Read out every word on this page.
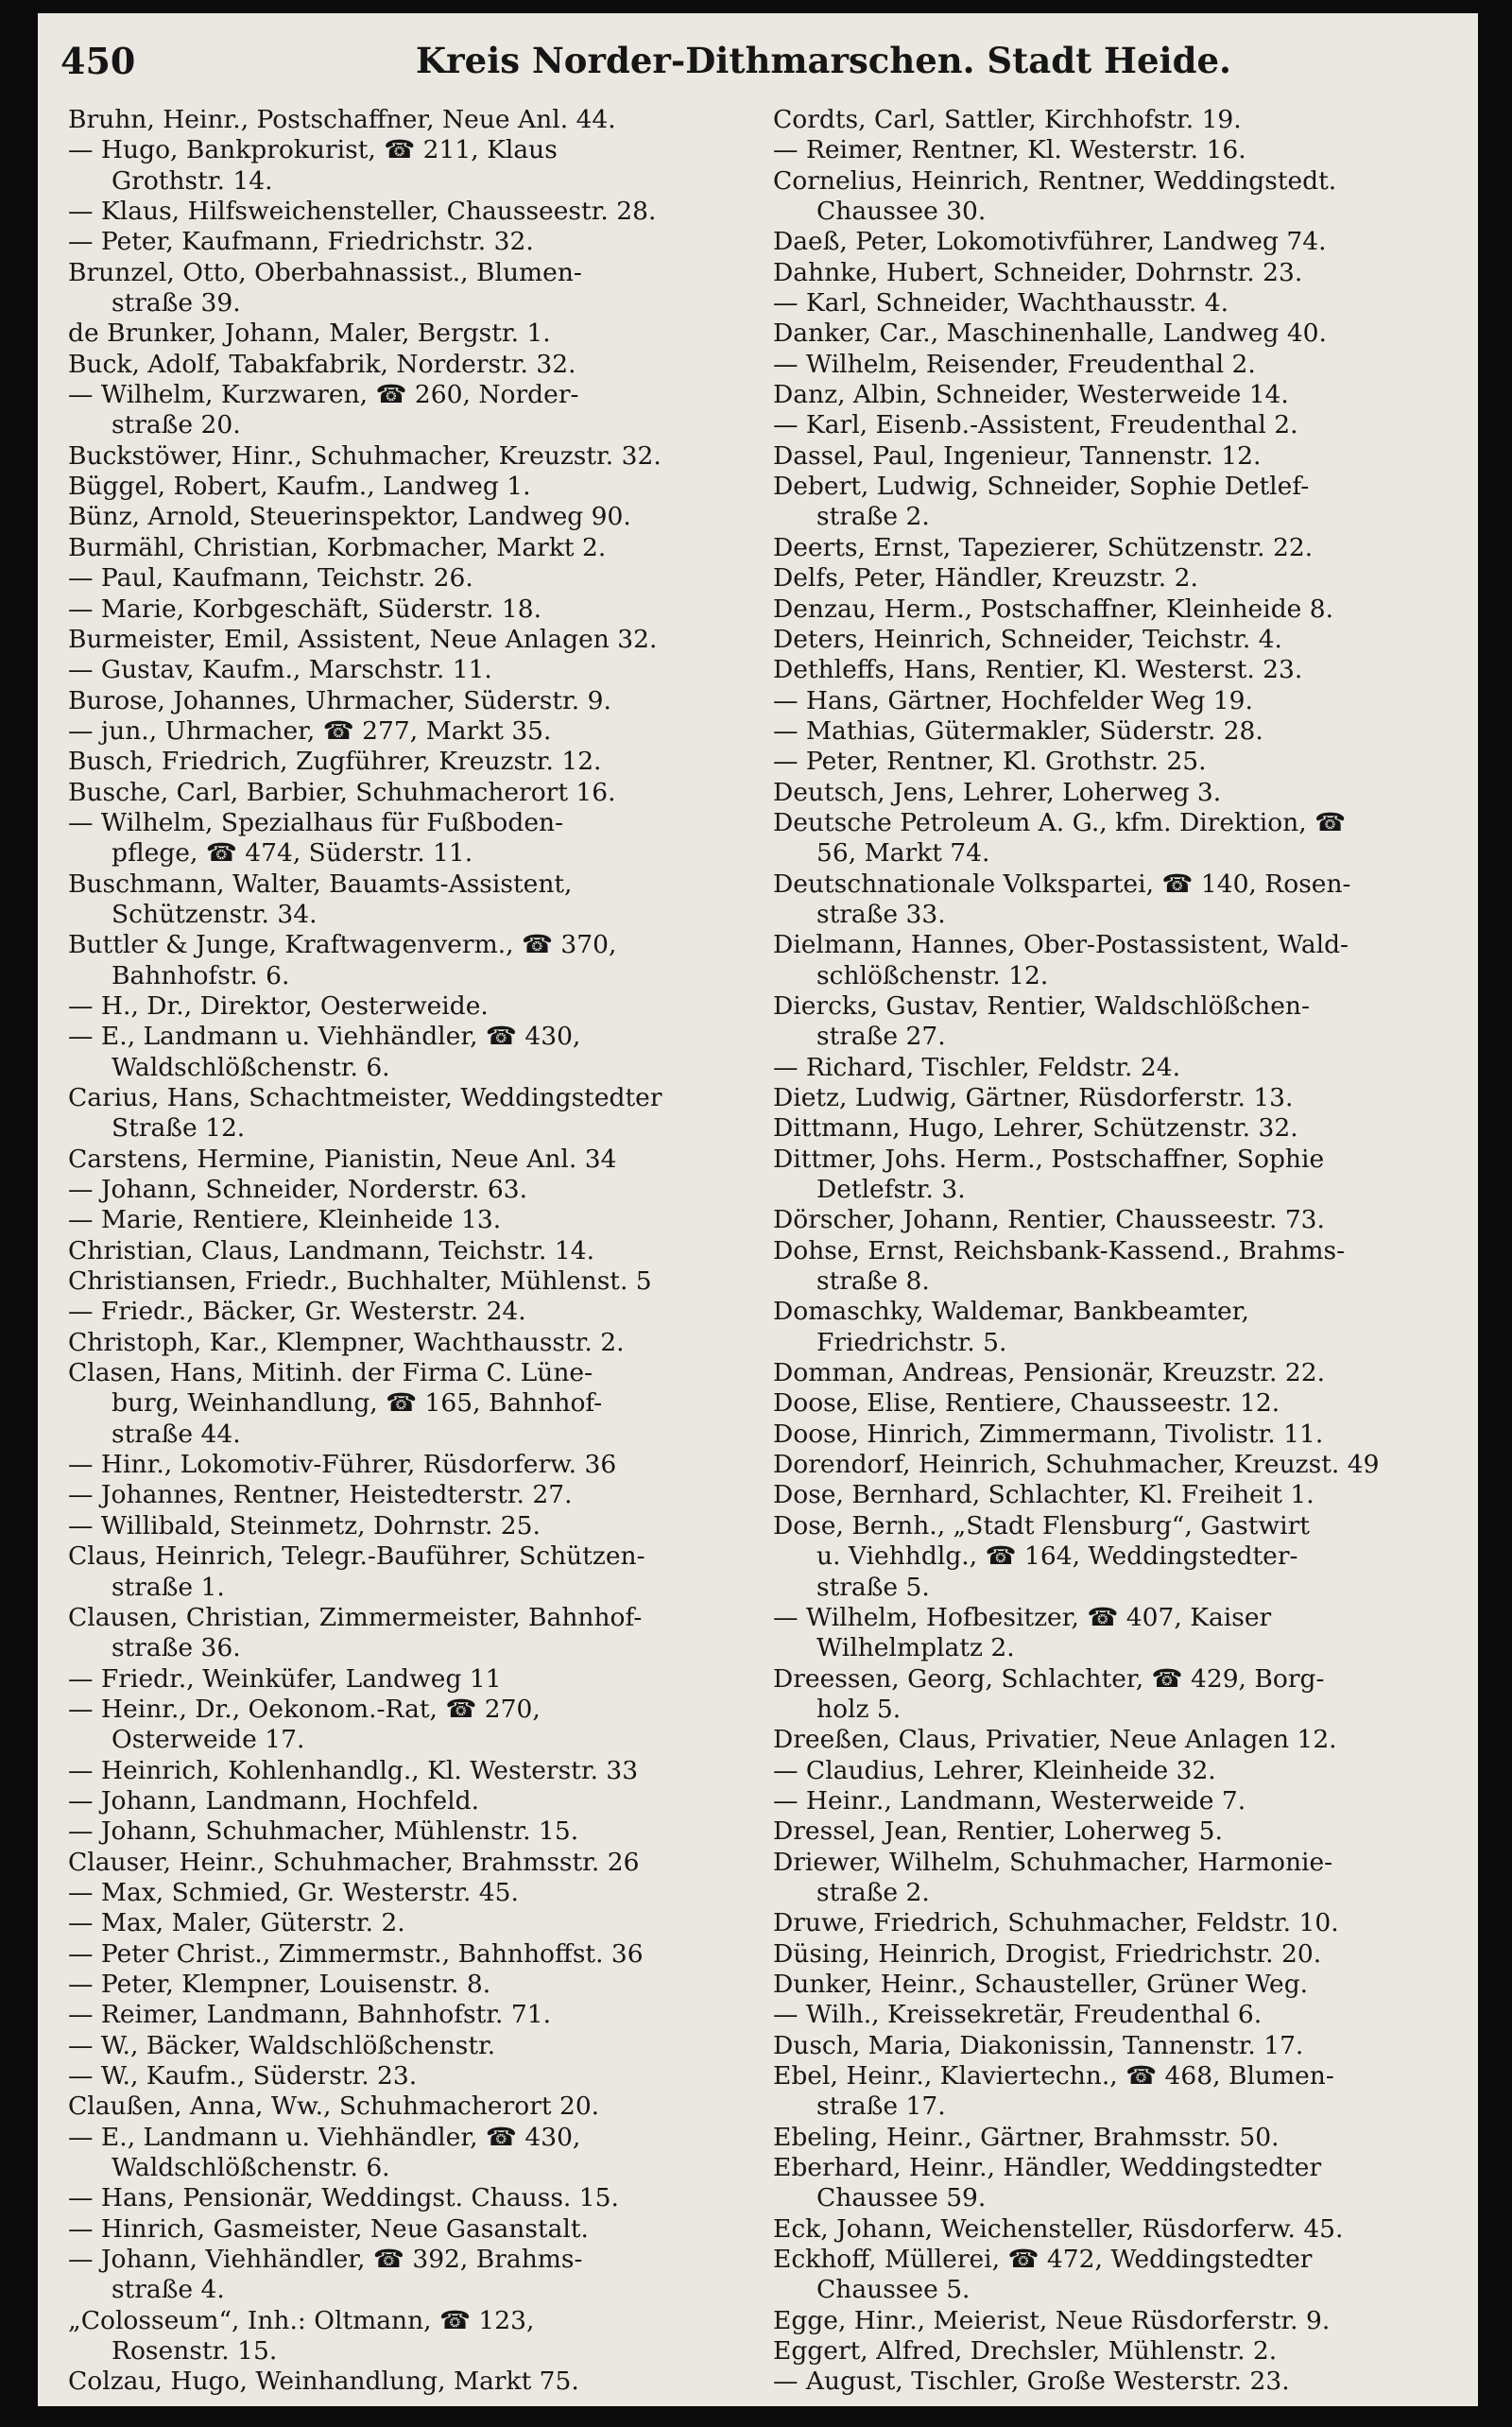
450	Kreis Norder-Dithmarschen. Stadt Heide.
Bruhn, Heinr., Postschaffner, Neue Anl. 44.
— Hugo, Bankprokurist, ☎ 211, Klaus
Grothstr. 14.
— Klaus, Hilfsweichensteller, Chausseestr. 28.
— Peter, Kaufmann, Friedrichstr. 32.
Brunzel, Otto, Oberbahnassist., Blumen-
straße 39.
de Brunker, Johann, Maler, Bergstr. 1.
Buck, Adolf, Tabakfabrik, Norderstr. 32.
— Wilhelm, Kurzwaren, ☎ 260, Norder-
straße 20.
Buckstöwer, Hinr., Schuhmacher, Kreuzstr. 32.
Büggel, Robert, Kaufm., Landweg 1.
Bünz, Arnold, Steuerinspektor, Landweg 90.
Burmähl, Christian, Korbmacher, Markt 2.
— Paul, Kaufmann, Teichstr. 26.
— Marie, Korbgeschäft, Süderstr. 18.
Burmeister, Emil, Assistent, Neue Anlagen 32.
— Gustav, Kaufm., Marschstr. 11.
Burose, Johannes, Uhrmacher, Süderstr. 9.
— jun., Uhrmacher, ☎ 277, Markt 35.
Busch, Friedrich, Zugführer, Kreuzstr. 12.
Busche, Carl, Barbier, Schuhmacherort 16.
— Wilhelm, Spezialhaus für Fußboden-
pflege, ☎ 474, Süderstr. 11.
Buschmann, Walter, Bauamts-Assistent,
Schützenstr. 34.
Buttler & Junge, Kraftwagenverm., ☎ 370,
Bahnhofstr. 6.
— H., Dr., Direktor, Oesterweide.
— E., Landmann u. Viehhändler, ☎ 430,
Waldschlößchenstr. 6.
Carius, Hans, Schachtmeister, Weddingstedter
Straße 12.
Carstens, Hermine, Pianistin, Neue Anl. 34
— Johann, Schneider, Norderstr. 63.
— Marie, Rentiere, Kleinheide 13.
Christian, Claus, Landmann, Teichstr. 14.
Christiansen, Friedr., Buchhalter, Mühlenst. 5
— Friedr., Bäcker, Gr. Westerstr. 24.
Christoph, Kar., Klempner, Wachthausstr. 2.
Clasen, Hans, Mitinh. der Firma C. Lüne-
burg, Weinhandlung, ☎ 165, Bahnhof-
straße 44.
— Hinr., Lokomotiv-Führer, Rüsdorferw. 36
— Johannes, Rentner, Heistedterstr. 27.
— Willibald, Steinmetz, Dohrnstr. 25.
Claus, Heinrich, Telegr.-Bauführer, Schützen-
straße 1.
Clausen, Christian, Zimmermeister, Bahnhof-
straße 36.
— Friedr., Weinküfer, Landweg 11
— Heinr., Dr., Oekonom.-Rat, ☎ 270,
Osterweide 17.
— Heinrich, Kohlenhandlg., Kl. Westerstr. 33
— Johann, Landmann, Hochfeld.
— Johann, Schuhmacher, Mühlenstr. 15.
Clauser, Heinr., Schuhmacher, Brahmsstr. 26
— Max, Schmied, Gr. Westerstr. 45.
— Max, Maler, Güterstr. 2.
— Peter Christ., Zimmermstr., Bahnhoffst. 36
— Peter, Klempner, Louisenstr. 8.
— Reimer, Landmann, Bahnhofstr. 71.
— W., Bäcker, Waldschlößchenstr.
— W., Kaufm., Süderstr. 23.
Claußen, Anna, Ww., Schuhmacherort 20.
— E., Landmann u. Viehhändler, ☎ 430,
Waldschlößchenstr. 6.
— Hans, Pensionär, Weddingst. Chauss. 15.
— Hinrich, Gasmeister, Neue Gasanstalt.
— Johann, Viehhändler, ☎ 392, Brahms-
straße 4.
„Colosseum“, Inh.: Oltmann, ☎ 123,
Rosenstr. 15.
Colzau, Hugo, Weinhandlung, Markt 75.
Cordts, Carl, Sattler, Kirchhofstr. 19.
— Reimer, Rentner, Kl. Westerstr. 16.
Cornelius, Heinrich, Rentner, Weddingstedt.
Chaussee 30.
Daeß, Peter, Lokomotivführer, Landweg 74.
Dahnke, Hubert, Schneider, Dohrnstr. 23.
— Karl, Schneider, Wachthausstr. 4.
Danker, Car., Maschinenhalle, Landweg 40.
— Wilhelm, Reisender, Freudenthal 2.
Danz, Albin, Schneider, Westerweide 14.
— Karl, Eisenb.-Assistent, Freudenthal 2.
Dassel, Paul, Ingenieur, Tannenstr. 12.
Debert, Ludwig, Schneider, Sophie Detlef-
straße 2.
Deerts, Ernst, Tapezierer, Schützenstr. 22.
Delfs, Peter, Händler, Kreuzstr. 2.
Denzau, Herm., Postschaffner, Kleinheide 8.
Deters, Heinrich, Schneider, Teichstr. 4.
Dethleffs, Hans, Rentier, Kl. Westerst. 23.
— Hans, Gärtner, Hochfelder Weg 19.
— Mathias, Gütermakler, Süderstr. 28.
— Peter, Rentner, Kl. Grothstr. 25.
Deutsch, Jens, Lehrer, Loherweg 3.
Deutsche Petroleum A. G., kfm. Direktion, ☎
56, Markt 74.
Deutschnationale Volkspartei, ☎ 140, Rosen-
straße 33.
Dielmann, Hannes, Ober-Postassistent, Wald-
schlößchenstr. 12.
Diercks, Gustav, Rentier, Waldschlößchen-
straße 27.
— Richard, Tischler, Feldstr. 24.
Dietz, Ludwig, Gärtner, Rüsdorferstr. 13.
Dittmann, Hugo, Lehrer, Schützenstr. 32.
Dittmer, Johs. Herm., Postschaffner, Sophie
Detlefstr. 3.
Dörscher, Johann, Rentier, Chausseestr. 73.
Dohse, Ernst, Reichsbank-Kassend., Brahms-
straße 8.
Domaschky, Waldemar, Bankbeamter,
Friedrichstr. 5.
Domman, Andreas, Pensionär, Kreuzstr. 22.
Doose, Elise, Rentiere, Chausseestr. 12.
Doose, Hinrich, Zimmermann, Tivolistr. 11.
Dorendorf, Heinrich, Schuhmacher, Kreuzst. 49
Dose, Bernhard, Schlachter, Kl. Freiheit 1.
Dose, Bernh., „Stadt Flensburg“, Gastwirt
u. Viehhdlg., ☎ 164, Weddingstedter-
straße 5.
— Wilhelm, Hofbesitzer, ☎ 407, Kaiser
Wilhelmplatz 2.
Dreessen, Georg, Schlachter, ☎ 429, Borg-
holz 5.
Dreeßen, Claus, Privatier, Neue Anlagen 12.
— Claudius, Lehrer, Kleinheide 32.
— Heinr., Landmann, Westerweide 7.
Dressel, Jean, Rentier, Loherweg 5.
Driewer, Wilhelm, Schuhmacher, Harmonie-
straße 2.
Druwe, Friedrich, Schuhmacher, Feldstr. 10.
Düsing, Heinrich, Drogist, Friedrichstr. 20.
Dunker, Heinr., Schausteller, Grüner Weg.
— Wilh., Kreissekretär, Freudenthal 6.
Dusch, Maria, Diakonissin, Tannenstr. 17.
Ebel, Heinr., Klaviertechn., ☎ 468, Blumen-
straße 17.
Ebeling, Heinr., Gärtner, Brahmsstr. 50.
Eberhard, Heinr., Händler, Weddingstedter
Chaussee 59.
Eck, Johann, Weichensteller, Rüsdorferw. 45.
Eckhoff, Müllerei, ☎ 472, Weddingstedter
Chaussee 5.
Egge, Hinr., Meierist, Neue Rüsdorferstr. 9.
Eggert, Alfred, Drechsler, Mühlenstr. 2.
— August, Tischler, Große Westerstr. 23.
